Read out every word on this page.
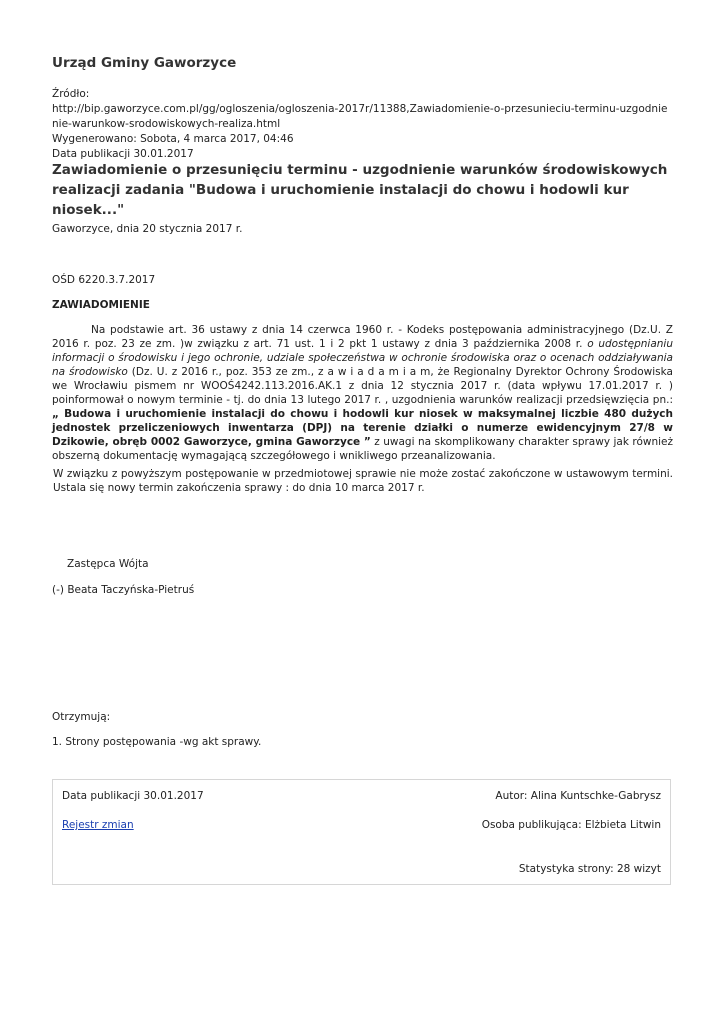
Urząd Gminy Gaworzyce
Źródło:
http://bip.gaworzyce.com.pl/gg/ogloszenia/ogloszenia-2017r/11388,Zawiadomienie-o-przesunieciu-terminu-uzgodnienie-warunkow-srodowiskowych-realiza.html
Wygenerowano: Sobota, 4 marca 2017, 04:46
Data publikacji 30.01.2017
Zawiadomienie o przesunięciu terminu - uzgodnienie warunków środowiskowych realizacji zadania "Budowa i uruchomienie instalacji do chowu i hodowli kur niosek..."
Gaworzyce, dnia 20 stycznia 2017 r.
OŚD 6220.3.7.2017
ZAWIADOMIENIE
Na podstawie art. 36 ustawy z dnia 14 czerwca 1960 r. - Kodeks postępowania administracyjnego (Dz.U. Z 2016 r. poz. 23 ze zm. )w związku z art. 71 ust. 1 i 2 pkt 1 ustawy z dnia 3 października 2008 r. o udostępnianiu informacji o środowisku i jego ochronie, udziale społeczeństwa w ochronie środowiska oraz o ocenach oddziaływania na środowisko (Dz. U. z 2016 r., poz. 353 ze zm., z a w i a d a m i a m, że Regionalny Dyrektor Ochrony Środowiska we Wrocławiu pismem nr WOOŚ4242.113.2016.AK.1 z dnia 12 stycznia 2017 r. (data wpływu 17.01.2017 r. ) poinformował o nowym terminie - tj. do dnia 13 lutego 2017 r. , uzgodnienia warunków realizacji przedsięwzięcia pn.: „ Budowa i uruchomienie instalacji do chowu i hodowli kur niosek w maksymalnej liczbie 480 dużych jednostek przeliczeniowych inwentarza (DPJ) na terenie działki o numerze ewidencyjnym 27/8 w Dzikowie, obręb 0002 Gaworzyce, gmina Gaworzyce ” z uwagi na skomplikowany charakter sprawy jak również obszerną dokumentację wymagającą szczegółowego i wnikliwego przeanalizowania.
W związku z powyższym postępowanie w przedmiotowej sprawie nie może zostać zakończone w ustawowym termini. Ustala się nowy termin zakończenia sprawy : do dnia 10 marca 2017 r.
Zastępca Wójta
(-) Beata Taczyńska-Pietruś
Otrzymują:
1. Strony postępowania -wg akt sprawy.
Data publikacji 30.01.2017	Autor: Alina Kuntschke-Gabrysz
Rejestr zmian	Osoba publikująca: Elżbieta Litwin
Statystyka strony: 28 wizyt
